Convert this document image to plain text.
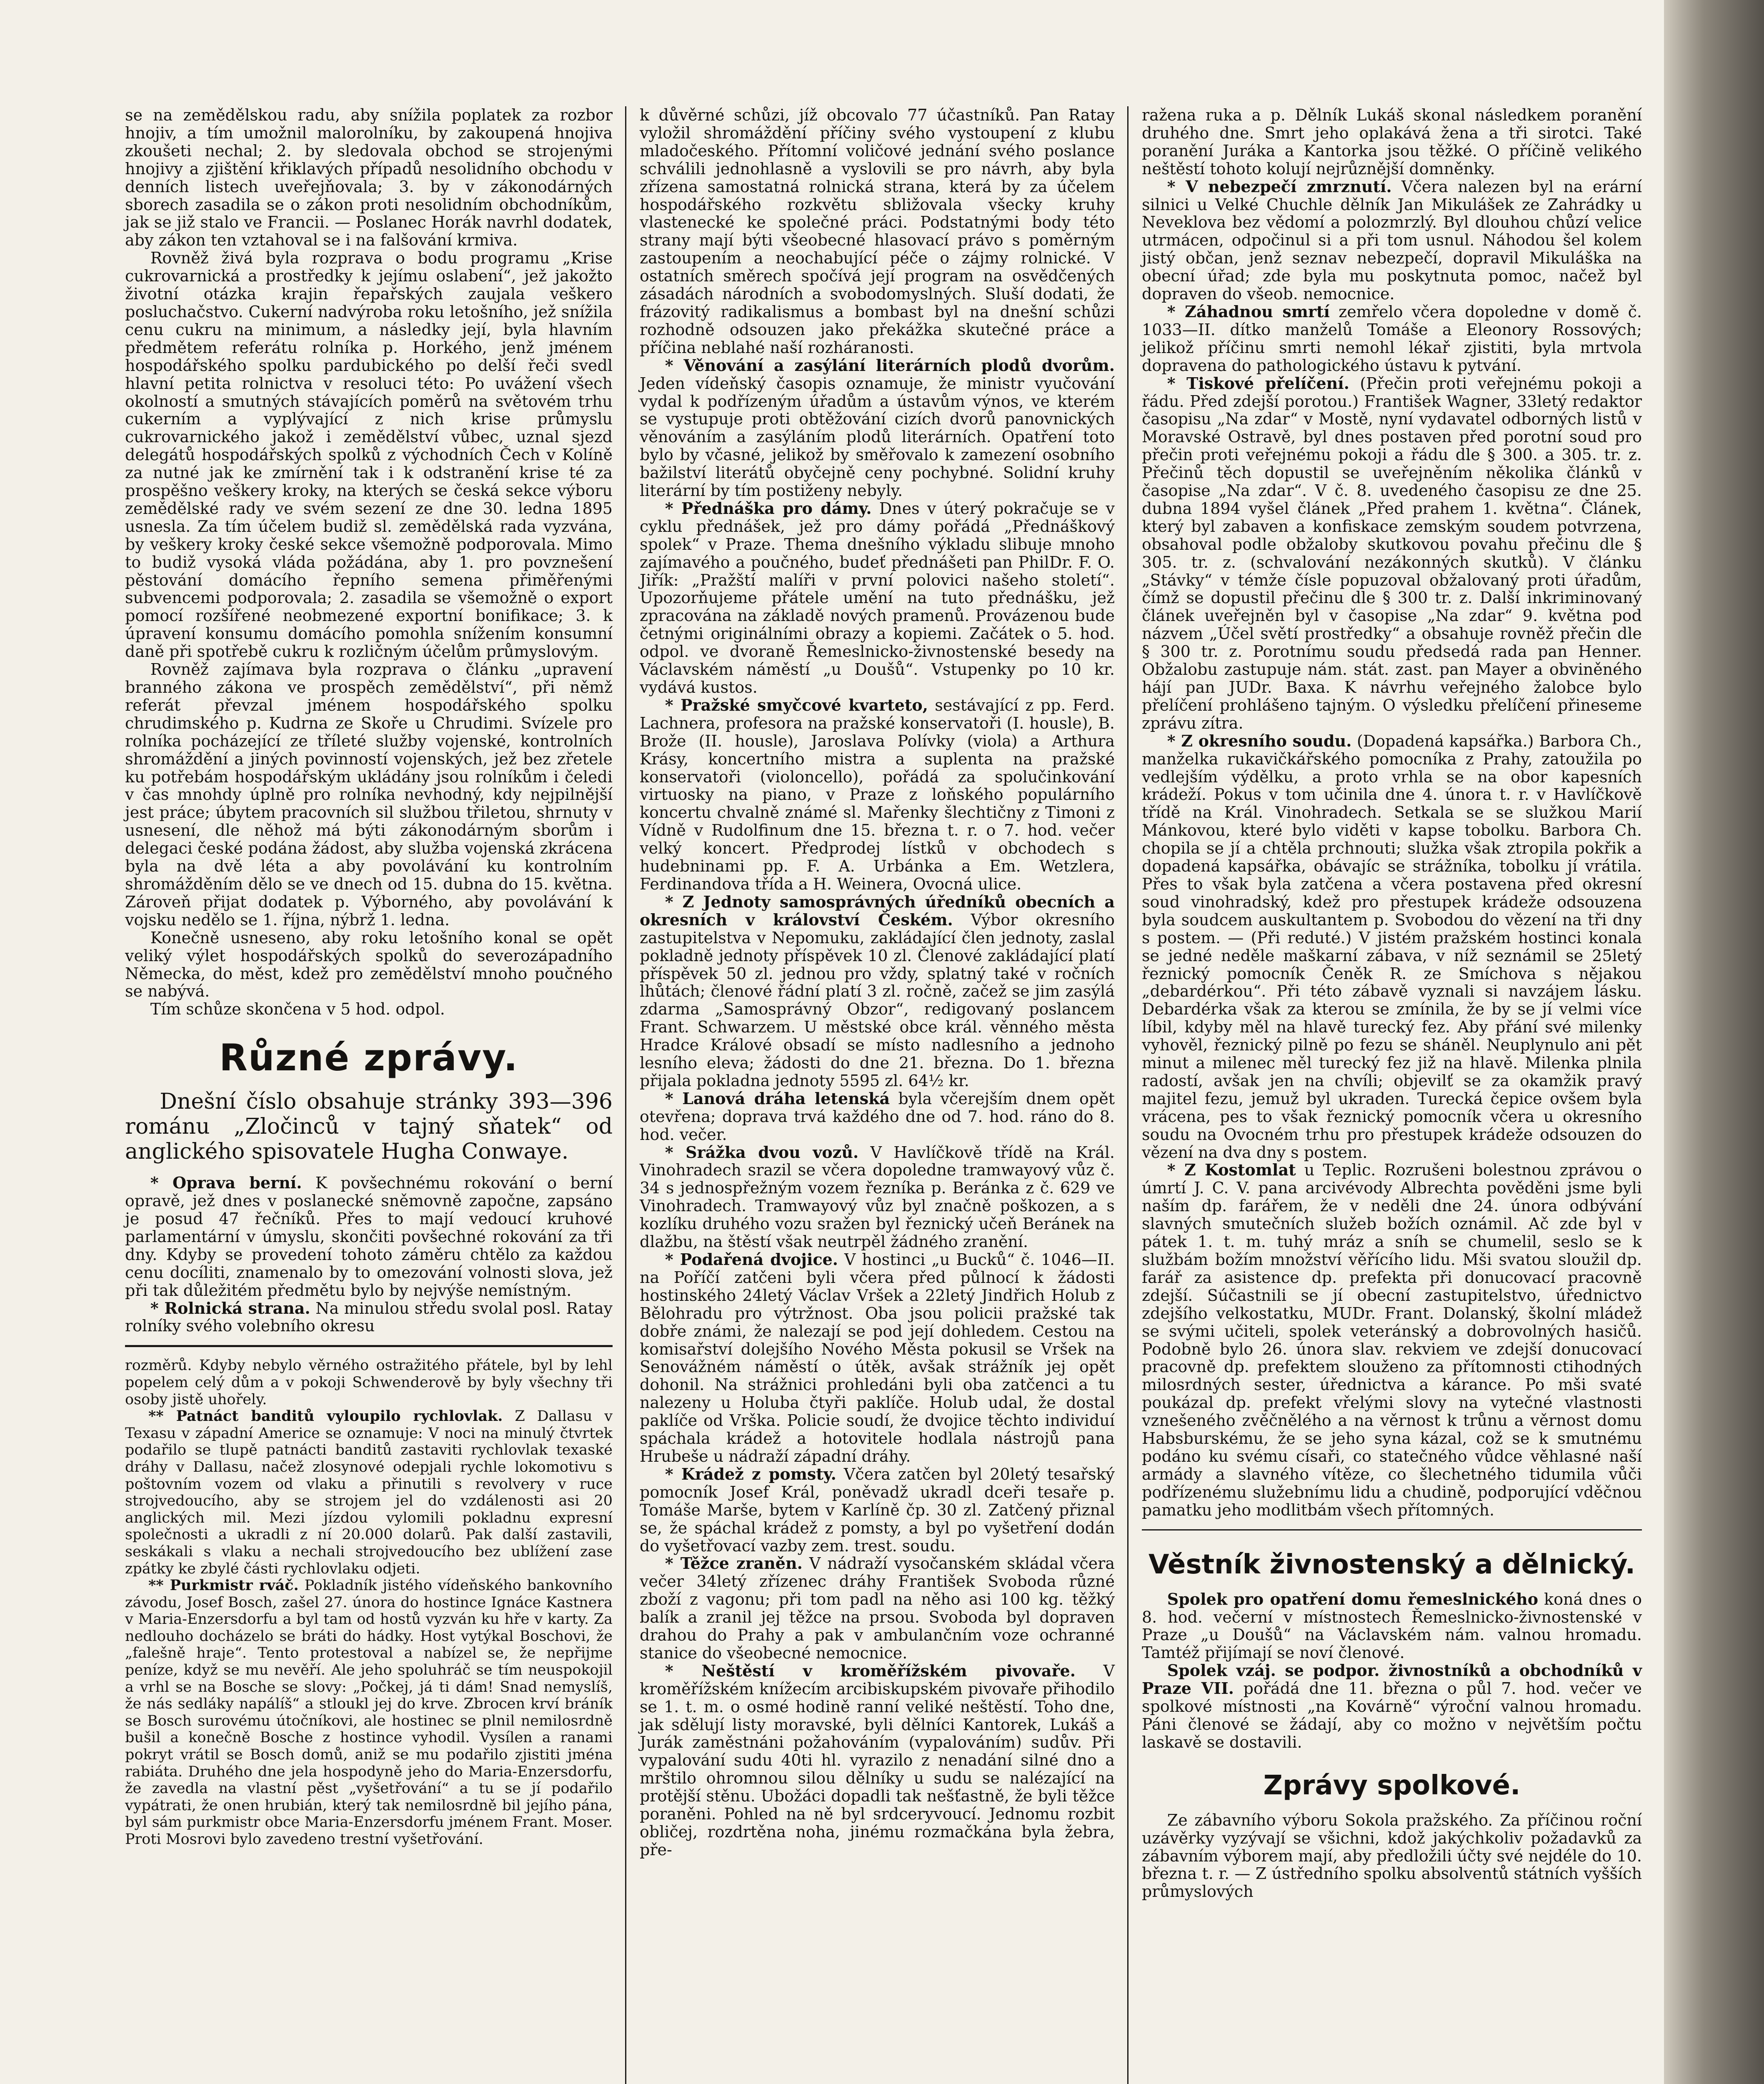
se na zemědělskou radu, aby snížila poplatek za rozbor hnojiv, a tím umožnil malorolníku, by zakoupená hnojiva zkoušeti nechal; 2. by sledovala obchod se strojenými hnojivy a zjištění křiklavých případů nesolidního obchodu v denních listech uveřejňovala; 3. by v zákonodárných sborech zasadila se o zákon proti nesolidním obchodníkům, jak se již stalo ve Francii. — Poslanec Horák navrhl dodatek, aby zákon ten vztahoval se i na falšování krmiva.

Rovněž živá byla rozprava o bodu programu „Krise cukrovarnická a prostředky k jejímu oslabení“, jež jakožto životní otázka krajin řepařských zaujala veškero posluchačstvo. Cukerní nadvýroba roku letošního, jež snížila cenu cukru na minimum, a následky její, byla hlavním předmětem referátu rolníka p. Horkého, jenž jménem hospodářského spolku pardubického po delší řeči svedl hlavní petita rolnictva v resoluci této: Po uvážení všech okolností a smutných stávajících poměrů na světovém trhu cukerním a vyplývající z nich krise průmyslu cukrovarnického jakož i zemědělství vůbec, uznal sjezd delegátů hospodářských spolků z východních Čech v Kolíně za nutné jak ke zmírnění tak i k odstranění krise té za prospěšno veškery kroky, na kterých se česká sekce výboru zemědělské rady ve svém sezení ze dne 30. ledna 1895 usnesla. Za tím účelem budiž sl. zemědělská rada vyzvána, by veškery kroky české sekce všemožně podporovala. Mimo to budiž vysoká vláda požádána, aby 1. pro povznešení pěstování domácího řepního semena přiměřenými subvencemi podporovala; 2. zasadila se všemožně o export pomocí rozšířené neobmezené exportní bonifikace; 3. k úpravení konsumu domácího pomohla snížením konsumní daně při spotřebě cukru k rozličným účelům průmyslovým.

Rovněž zajímava byla rozprava o článku „upravení branného zákona ve prospěch zemědělství“, při němž referát převzal jménem hospodářského spolku chrudimského p. Kudrna ze Skoře u Chrudimi. Svízele pro rolníka pocházející ze tříleté služby vojenské, kontrolních shromáždění a jiných povinností vojenských, jež bez zřetele ku potřebám hospodářským ukládány jsou rolníkům i čeledi v čas mnohdy úplně pro rolníka nevhodný, kdy nejpilnější jest práce; úbytem pracovních sil službou třiletou, shrnuty v usnesení, dle něhož má býti zákonodárným sborům i delegaci české podána žádost, aby služba vojenská zkrácena byla na dvě léta a aby povolávání ku kontrolním shromážděním dělo se ve dnech od 15. dubna do 15. května. Zároveň přijat dodatek p. Výborného, aby povolávání k vojsku nedělo se 1. října, nýbrž 1. ledna.

Konečně usneseno, aby roku letošního konal se opět veliký výlet hospodářských spolků do severozápadního Německa, do měst, kdež pro zemědělství mnoho poučného se nabývá.

Tím schůze skončena v 5 hod. odpol.

Různé zprávy.

Dnešní číslo obsahuje stránky 393—396 románu „Zločinců v tajný sňatek“ od anglického spisovatele Hugha Conwaye.

* Oprava berní. K povšechnému rokování o berní opravě, jež dnes v poslanecké sněmovně započne, zapsáno je posud 47 řečníků. Přes to mají vedoucí kruhové parlamentární v úmyslu, skončiti povšechné rokování za tři dny. Kdyby se provedení tohoto záměru chtělo za každou cenu docíliti, znamenalo by to omezování volnosti slova, jež při tak důležitém předmětu bylo by nejvýše nemístným.

* Rolnická strana. Na minulou středu svolal posl. Ratay rolníky svého volebního okresu

rozměrů. Kdyby nebylo věrného ostražitého přátele, byl by lehl popelem celý dům a v pokoji Schwenderově by byly všechny tři osoby jistě uhořely.

** Patnáct banditů vyloupilo rychlovlak. Z Dallasu v Texasu v západní Americe se oznamuje: V noci na minulý čtvrtek podařilo se tlupě patnácti banditů zastaviti rychlovlak texaské dráhy v Dallasu, načež zlosynové odepjali rychle lokomotivu s poštovním vozem od vlaku a přinutili s revolvery v ruce strojvedoucího, aby se strojem jel do vzdálenosti asi 20 anglických mil. Mezi jízdou vylomili pokladnu expresní společnosti a ukradli z ní 20.000 dolarů. Pak další zastavili, seskákali s vlaku a nechali strojvedoucího bez ublížení zase zpátky ke zbylé části rychlovlaku odjeti.

** Purkmistr rváč. Pokladník jistého vídeňského bankovního závodu, Josef Bosch, zašel 27. února do hostince Ignáce Kastnera v Maria-Enzersdorfu a byl tam od hostů vyzván ku hře v karty. Za nedlouho docházelo se bráti do hádky. Host vytýkal Boschovi, že „falešně hraje“. Tento protestoval a nabízel se, že nepřijme peníze, když se mu nevěří. Ale jeho spoluhráč se tím neuspokojil a vrhl se na Bosche se slovy: „Počkej, já ti dám! Snad nemyslíš, že nás sedláky napálíš“ a stloukl jej do krve. Zbrocen krví bráník se Bosch surovému útočníkovi, ale hostinec se plnil nemilosrdně bušil a konečně Bosche z hostince vyhodil. Vysílen a ranami pokryt vrátil se Bosch domů, aniž se mu podařilo zjistiti jména rabiáta. Druhého dne jela hospodyně jeho do Maria-Enzersdorfu, že zavedla na vlastní pěst „vyšetřování“ a tu se jí podařilo vypátrati, že onen hrubián, který tak nemilosrdně bil jejího pána, byl sám purkmistr obce Maria-Enzersdorfu jménem Frant. Moser. Proti Mosrovi bylo zavedeno trestní vyšetřování.

k důvěrné schůzi, jíž obcovalo 77 účastníků. Pan Ratay vyložil shromáždění příčiny svého vystoupení z klubu mladočeského. Přítomní voličové jednání svého poslance schválili jednohlasně a vyslovili se pro návrh, aby byla zřízena samostatná rolnická strana, která by za účelem hospodářského rozkvětu sbližovala všecky kruhy vlastenecké ke společné práci. Podstatnými body této strany mají býti všeobecné hlasovací právo s poměrným zastoupením a neochabující péče o zájmy rolnické. V ostatních směrech spočívá její program na osvědčených zásadách národních a svobodomyslných. Sluší dodati, že frázovitý radikalismus a bombast byl na dnešní schůzi rozhodně odsouzen jako překážka skutečné práce a příčina neblahé naší rozháranosti.

* Věnování a zasýlání literárních plodů dvorům. Jeden vídeňský časopis oznamuje, že ministr vyučování vydal k podřízeným úřadům a ústavům výnos, ve kterém se vystupuje proti obtěžování cizích dvorů panovnických věnováním a zasýláním plodů literárních. Opatření toto bylo by včasné, jelikož by směřovalo k zamezení osobního bažilství literátů obyčejně ceny pochybné. Solidní kruhy literární by tím postiženy nebyly.

* Přednáška pro dámy. Dnes v úterý pokračuje se v cyklu přednášek, jež pro dámy pořádá „Přednáškový spolek“ v Praze. Thema dnešního výkladu slibuje mnoho zajímavého a poučného, budeť přednášeti pan PhilDr. F. O. Jiřík: „Pražští malíři v první polovici našeho století“. Upozorňujeme přátele umění na tuto přednášku, jež zpracována na základě nových pramenů. Provázenou bude četnými originálními obrazy a kopiemi. Začátek o 5. hod. odpol. ve dvoraně Řemeslnicko-živnostenské besedy na Václavském náměstí „u Doušů“. Vstupenky po 10 kr. vydává kustos.

* Pražské smyčcové kvarteto, sestávající z pp. Ferd. Lachnera, profesora na pražské konservatoři (I. housle), B. Brože (II. housle), Jaroslava Polívky (viola) a Arthura Krásy, koncertního mistra a suplenta na pražské konservatoři (violoncello), pořádá za spolučinkování virtuosky na piano, v Praze z loňského populárního koncertu chvalně známé sl. Mařenky šlechtičny z Timoni z Vídně v Rudolfinum dne 15. března t. r. o 7. hod. večer velký koncert. Předprodej lístků v obchodech s hudebninami pp. F. A. Urbánka a Em. Wetzlera, Ferdinandova třída a H. Weinera, Ovocná ulice.

* Z Jednoty samosprávných úředníků obecních a okresních v království Českém. Výbor okresního zastupitelstva v Nepomuku, zakládající člen jednoty, zaslal pokladně jednoty příspěvek 10 zl. Členové zakládající platí příspěvek 50 zl. jednou pro vždy, splatný také v ročních lhůtách; členové řádní platí 3 zl. ročně, začež se jim zasýlá zdarma „Samosprávný Obzor“, redigovaný poslancem Frant. Schwarzem. U městské obce král. věnného města Hradce Králové obsadí se místo nadlesního a jednoho lesního eleva; žádosti do dne 21. března. Do 1. března přijala pokladna jednoty 5595 zl. 64½ kr.

* Lanová dráha letenská byla včerejším dnem opět otevřena; doprava trvá každého dne od 7. hod. ráno do 8. hod. večer.

* Srážka dvou vozů. V Havlíčkově třídě na Král. Vinohradech srazil se včera dopoledne tramwayový vůz č. 34 s jednospřežným vozem řezníka p. Beránka z č. 629 ve Vinohradech. Tramwayový vůz byl značně poškozen, a s kozlíku druhého vozu sražen byl řeznický učeň Beránek na dlažbu, na štěstí však neutrpěl žádného zranění.

* Podařená dvojice. V hostinci „u Bucků“ č. 1046—II. na Poříčí zatčeni byli včera před půlnocí k žádosti hostinského 24letý Václav Vršek a 22letý Jindřich Holub z Bělohradu pro výtržnost. Oba jsou policii pražské tak dobře známi, že nalezají se pod její dohledem. Cestou na komisařství dolejšího Nového Města pokusil se Vršek na Senovážném náměstí o útěk, avšak strážník jej opět dohonil. Na strážnici prohledáni byli oba zatčenci a tu nalezeny u Holuba čtyři paklíče. Holub udal, že dostal paklíče od Vrška. Policie soudí, že dvojice těchto individuí spáchala krádež a hotovitele hodlala nástrojů pana Hrubeše u nádraží západní dráhy.

* Krádež z pomsty. Včera zatčen byl 20letý tesařský pomocník Josef Král, poněvadž ukradl dceři tesaře p. Tomáše Marše, bytem v Karlíně čp. 30 zl. Zatčený přiznal se, že spáchal krádež z pomsty, a byl po vyšetření dodán do vyšetřovací vazby zem. trest. soudu.

* Těžce zraněn. V nádraží vysočanském skládal včera večer 34letý zřízenec dráhy František Svoboda různé zboží z vagonu; při tom padl na něho asi 100 kg. těžký balík a zranil jej těžce na prsou. Svoboda byl dopraven drahou do Prahy a pak v ambulančním voze ochranné stanice do všeobecné nemocnice.

* Neštěstí v kroměřížském pivovaře. V kroměřížském knížecím arcibiskupském pivovaře přihodilo se 1. t. m. o osmé hodině ranní veliké neštěstí. Toho dne, jak sdělují listy moravské, byli dělníci Kantorek, Lukáš a Jurák zaměstnáni požahováním (vypalováním) sudův. Při vypalování sudu 40ti hl. vyrazilo z nenadání silné dno a mrštilo ohromnou silou dělníky u sudu se nalézající na protější stěnu. Ubožáci dopadli tak nešťastně, že byli těžce poraněni. Pohled na ně byl srdceryvoucí. Jednomu rozbit obličej, rozdrtěna noha, jinému rozmačkána byla žebra, pře-

ražena ruka a p. Dělník Lukáš skonal následkem poranění druhého dne. Smrt jeho oplakává žena a tři sirotci. Také poranění Juráka a Kantorka jsou těžké. O příčině velikého neštěstí tohoto kolují nejrůznější domněnky.

* V nebezpečí zmrznutí. Včera nalezen byl na erární silnici u Velké Chuchle dělník Jan Mikulášek ze Zahrádky u Neveklova bez vědomí a polozmrzlý. Byl dlouhou chůzí velice utrmácen, odpočinul si a při tom usnul. Náhodou šel kolem jistý občan, jenž seznav nebezpečí, dopravil Mikuláška na obecní úřad; zde byla mu poskytnuta pomoc, načež byl dopraven do všeob. nemocnice.

* Záhadnou smrtí zemřelo včera dopoledne v domě č. 1033—II. dítko manželů Tomáše a Eleonory Rossových; jelikož příčinu smrti nemohl lékař zjistiti, byla mrtvola dopravena do pathologického ústavu k pytvání.

* Tiskové přelíčení. (Přečin proti veřejnému pokoji a řádu. Před zdejší porotou.) František Wagner, 33letý redaktor časopisu „Na zdar“ v Mostě, nyní vydavatel odborných listů v Moravské Ostravě, byl dnes postaven před porotní soud pro přečin proti veřejnému pokoji a řádu dle § 300. a 305. tr. z. Přečinů těch dopustil se uveřejněním několika článků v časopise „Na zdar“. V č. 8. uvedeného časopisu ze dne 25. dubna 1894 vyšel článek „Před prahem 1. května“. Článek, který byl zabaven a konfiskace zemským soudem potvrzena, obsahoval podle obžaloby skutkovou povahu přečinu dle § 305. tr. z. (schvalování nezákonných skutků). V článku „Stávky“ v témže čísle popuzoval obžalovaný proti úřadům, čímž se dopustil přečinu dle § 300 tr. z. Další inkriminovaný článek uveřejněn byl v časopise „Na zdar“ 9. května pod názvem „Účel světí prostředky“ a obsahuje rovněž přečin dle § 300 tr. z. Porotnímu soudu předsedá rada pan Henner. Obžalobu zastupuje nám. stát. zast. pan Mayer a obviněného hájí pan JUDr. Baxa. K návrhu veřejného žalobce bylo přelíčení prohlášeno tajným. O výsledku přelíčení přineseme zprávu zítra.

* Z okresního soudu. (Dopadená kapsářka.) Barbora Ch., manželka rukavičkářského pomocníka z Prahy, zatoužila po vedlejším výdělku, a proto vrhla se na obor kapesních krádeží. Pokus v tom učinila dne 4. února t. r. v Havlíčkově třídě na Král. Vinohradech. Setkala se se služkou Marií Mánkovou, které bylo viděti v kapse tobolku. Barbora Ch. chopila se jí a chtěla prchnouti; služka však ztropila pokřik a dopadená kapsářka, obávajíc se strážníka, tobolku jí vrátila. Přes to však byla zatčena a včera postavena před okresní soud vinohradský, kdež pro přestupek krádeže odsouzena byla soudcem auskultantem p. Svobodou do vězení na tři dny s postem. — (Při reduté.) V jistém pražském hostinci konala se jedné neděle maškarní zábava, v níž seznámil se 25letý řeznický pomocník Čeněk R. ze Smíchova s nějakou „debardérkou“. Při této zábavě vyznali si navzájem lásku. Debardérka však za kterou se zmínila, že by se jí velmi více líbil, kdyby měl na hlavě turecký fez. Aby přání své milenky vyhověl, řeznický pilně po fezu se sháněl. Neuplynulo ani pět minut a milenec měl turecký fez již na hlavě. Milenka plnila radostí, avšak jen na chvíli; objevilť se za okamžik pravý majitel fezu, jemuž byl ukraden. Turecká čepice ovšem byla vrácena, pes to však řeznický pomocník včera u okresního soudu na Ovocném trhu pro přestupek krádeže odsouzen do vězení na dva dny s postem.

* Z Kostomlat u Teplic. Rozrušeni bolestnou zprávou o úmrtí J. C. V. pana arcivévody Albrechta pověděni jsme byli naším dp. farářem, že v neděli dne 24. února odbývání slavných smutečních služeb božích oznámil. Ač zde byl v pátek 1. t. m. tuhý mráz a sníh se chumelil, seslo se k službám božím množství věřícího lidu. Mši svatou sloužil dp. farář za asistence dp. prefekta při donucovací pracovně zdejší. Súčastnili se jí obecní zastupitelstvo, úřednictvo zdejšího velkostatku, MUDr. Frant. Dolanský, školní mládež se svými učiteli, spolek veteránský a dobrovolných hasičů. Podobně bylo 26. února slav. rekviem ve zdejší donucovací pracovně dp. prefektem slouženo za přítomnosti ctihodných milosrdných sester, úřednictva a kárance. Po mši svaté poukázal dp. prefekt vřelými slovy na vytečné vlastnosti vznešeného zvěčnělého a na věrnost k trůnu a věrnost domu Habsburskému, že se jeho syna kázal, což se k smutnému podáno ku svému císaři, co statečného vůdce věhlasné naší armády a slavného vítěze, co šlechetného tidumila vůči podřízenému služebnímu lidu a chudině, podporující vděčnou pamatku jeho modlitbám všech přítomných.

Věstník živnostenský a dělnický.

Spolek pro opatření domu řemeslnického koná dnes o 8. hod. večerní v místnostech Řemeslnicko-živnostenské v Praze „u Doušů“ na Václavském nám. valnou hromadu. Tamtéž přijímají se noví členové.

Spolek vzáj. se podpor. živnostníků a obchodníků v Praze VII. pořádá dne 11. března o půl 7. hod. večer ve spolkové místnosti „na Kovárně“ výroční valnou hromadu. Páni členové se žádají, aby co možno v největším počtu laskavě se dostavili.

Zprávy spolkové.

Ze zábavního výboru Sokola pražského. Za příčinou roční uzávěrky vyzývají se všichni, kdož jakýchkoliv požadavků za zábavním výborem mají, aby předložili účty své nejdéle do 10. března t. r. — Z ústředního spolku absolventů státních vyšších průmyslových
